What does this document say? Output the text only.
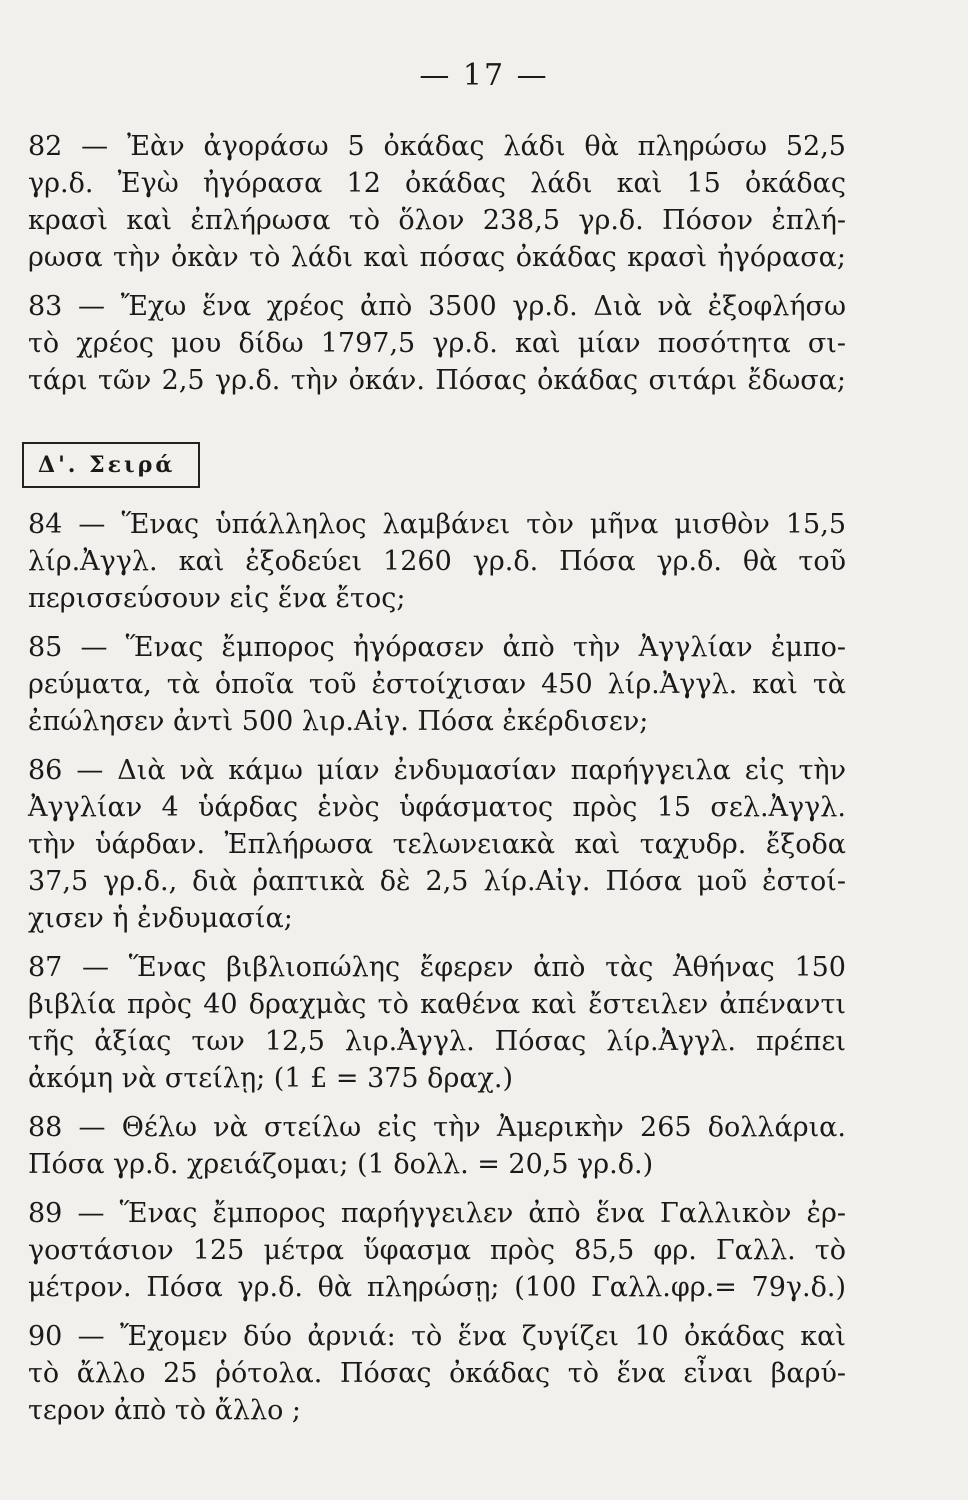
— 17 —
82 — Ἐὰν ἀγοράσω 5 ὀκάδας λάδι θὰ πληρώσω 52,5
γρ.δ. Ἐγὼ ἠγόρασα 12 ὀκάδας λάδι καὶ 15 ὀκάδας
κρασὶ καὶ ἐπλήρωσα τὸ ὅλον 238,5 γρ.δ. Πόσον ἐπλή-
ρωσα τὴν ὀκὰν τὸ λάδι καὶ πόσας ὀκάδας κρασὶ ἠγόρασα;
83 — Ἔχω ἕνα χρέος ἀπὸ 3500 γρ.δ. Διὰ νὰ ἐξοφλήσω
τὸ χρέος μου δίδω 1797,5 γρ.δ. καὶ μίαν ποσότητα σι-
τάρι τῶν 2,5 γρ.δ. τὴν ὀκάν. Πόσας ὀκάδας σιτάρι ἔδωσα;
Δ'. Σειρά
84 — Ἕνας ὑπάλληλος λαμβάνει τὸν μῆνα μισθὸν 15,5
λίρ.Ἀγγλ. καὶ ἐξοδεύει 1260 γρ.δ. Πόσα γρ.δ. θὰ τοῦ
περισσεύσουν εἰς ἕνα ἔτος;
85 — Ἕνας ἔμπορος ἠγόρασεν ἀπὸ τὴν Ἀγγλίαν ἐμπο-
ρεύματα, τὰ ὁποῖα τοῦ ἐστοίχισαν 450 λίρ.Ἀγγλ. καὶ τὰ
ἐπώλησεν ἀντὶ 500 λιρ.Αἰγ. Πόσα ἐκέρδισεν;
86 — Διὰ νὰ κάμω μίαν ἐνδυμασίαν παρήγγειλα εἰς τὴν
Ἀγγλίαν 4 ὑάρδας ἑνὸς ὑφάσματος πρὸς 15 σελ.Ἀγγλ.
τὴν ὑάρδαν. Ἐπλήρωσα τελωνειακὰ καὶ ταχυδρ. ἔξοδα
37,5 γρ.δ., διὰ ῥαπτικὰ δὲ 2,5 λίρ.Αἰγ. Πόσα μοῦ ἐστοί-
χισεν ἡ ἐνδυμασία;
87 — Ἕνας βιβλιοπώλης ἔφερεν ἀπὸ τὰς Ἀθήνας 150
βιβλία πρὸς 40 δραχμὰς τὸ καθένα καὶ ἔστειλεν ἀπέναντι
τῆς ἀξίας των 12,5 λιρ.Ἀγγλ. Πόσας λίρ.Ἀγγλ. πρέπει
ἀκόμη νὰ στείλῃ; (1 £ = 375 δραχ.)
88 — Θέλω νὰ στείλω εἰς τὴν Ἀμερικὴν 265 δολλάρια.
Πόσα γρ.δ. χρειάζομαι; (1 δολλ. = 20,5 γρ.δ.)
89 — Ἕνας ἔμπορος παρήγγειλεν ἀπὸ ἕνα Γαλλικὸν ἐρ-
γοστάσιον 125 μέτρα ὕφασμα πρὸς 85,5 φρ. Γαλλ. τὸ
μέτρον. Πόσα γρ.δ. θὰ πληρώσῃ; (100 Γαλλ.φρ.= 79γ.δ.)
90 — Ἔχομεν δύο ἀρνιά: τὸ ἕνα ζυγίζει 10 ὀκάδας καὶ
τὸ ἄλλο 25 ῥότολα. Πόσας ὀκάδας τὸ ἕνα εἶναι βαρύ-
τερον ἀπὸ τὸ ἄλλο ;
